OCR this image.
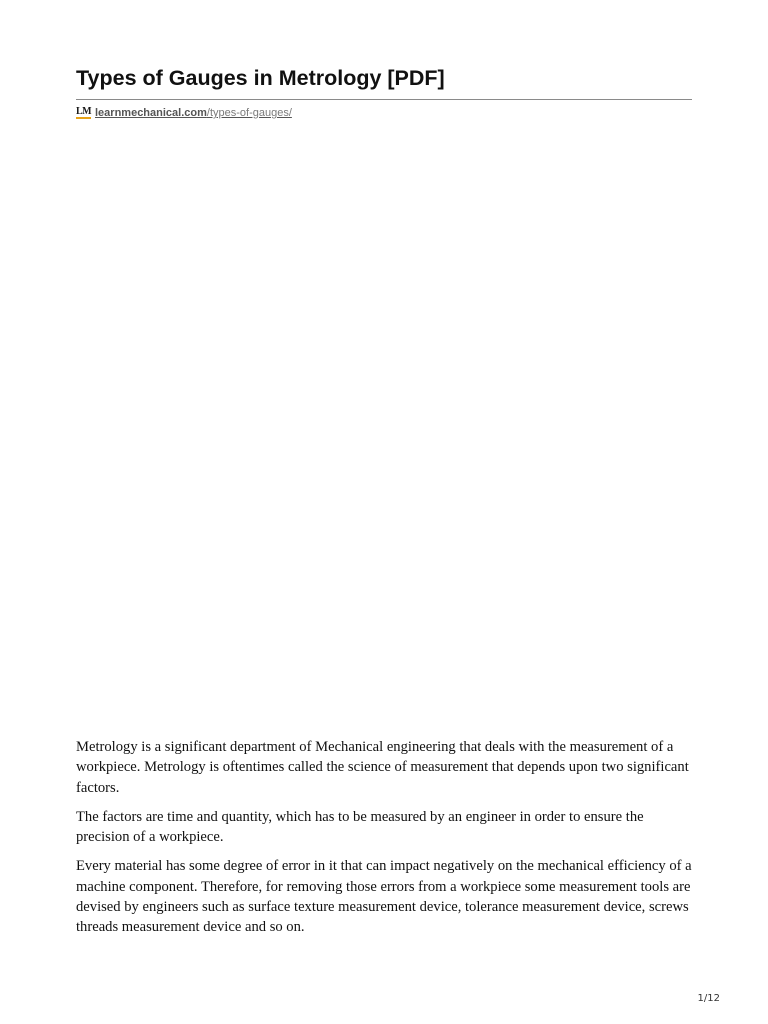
Types of Gauges in Metrology [PDF]
LM learnmechanical.com/types-of-gauges/

Metrology is a significant department of Mechanical engineering that deals with the measurement of a workpiece. Metrology is oftentimes called the science of measurement that depends upon two significant factors.

The factors are time and quantity, which has to be measured by an engineer in order to ensure the precision of a workpiece.

Every material has some degree of error in it that can impact negatively on the mechanical efficiency of a machine component. Therefore, for removing those errors from a workpiece some measurement tools are devised by engineers such as surface texture measurement device, tolerance measurement device, screws threads measurement device and so on.

1/12
